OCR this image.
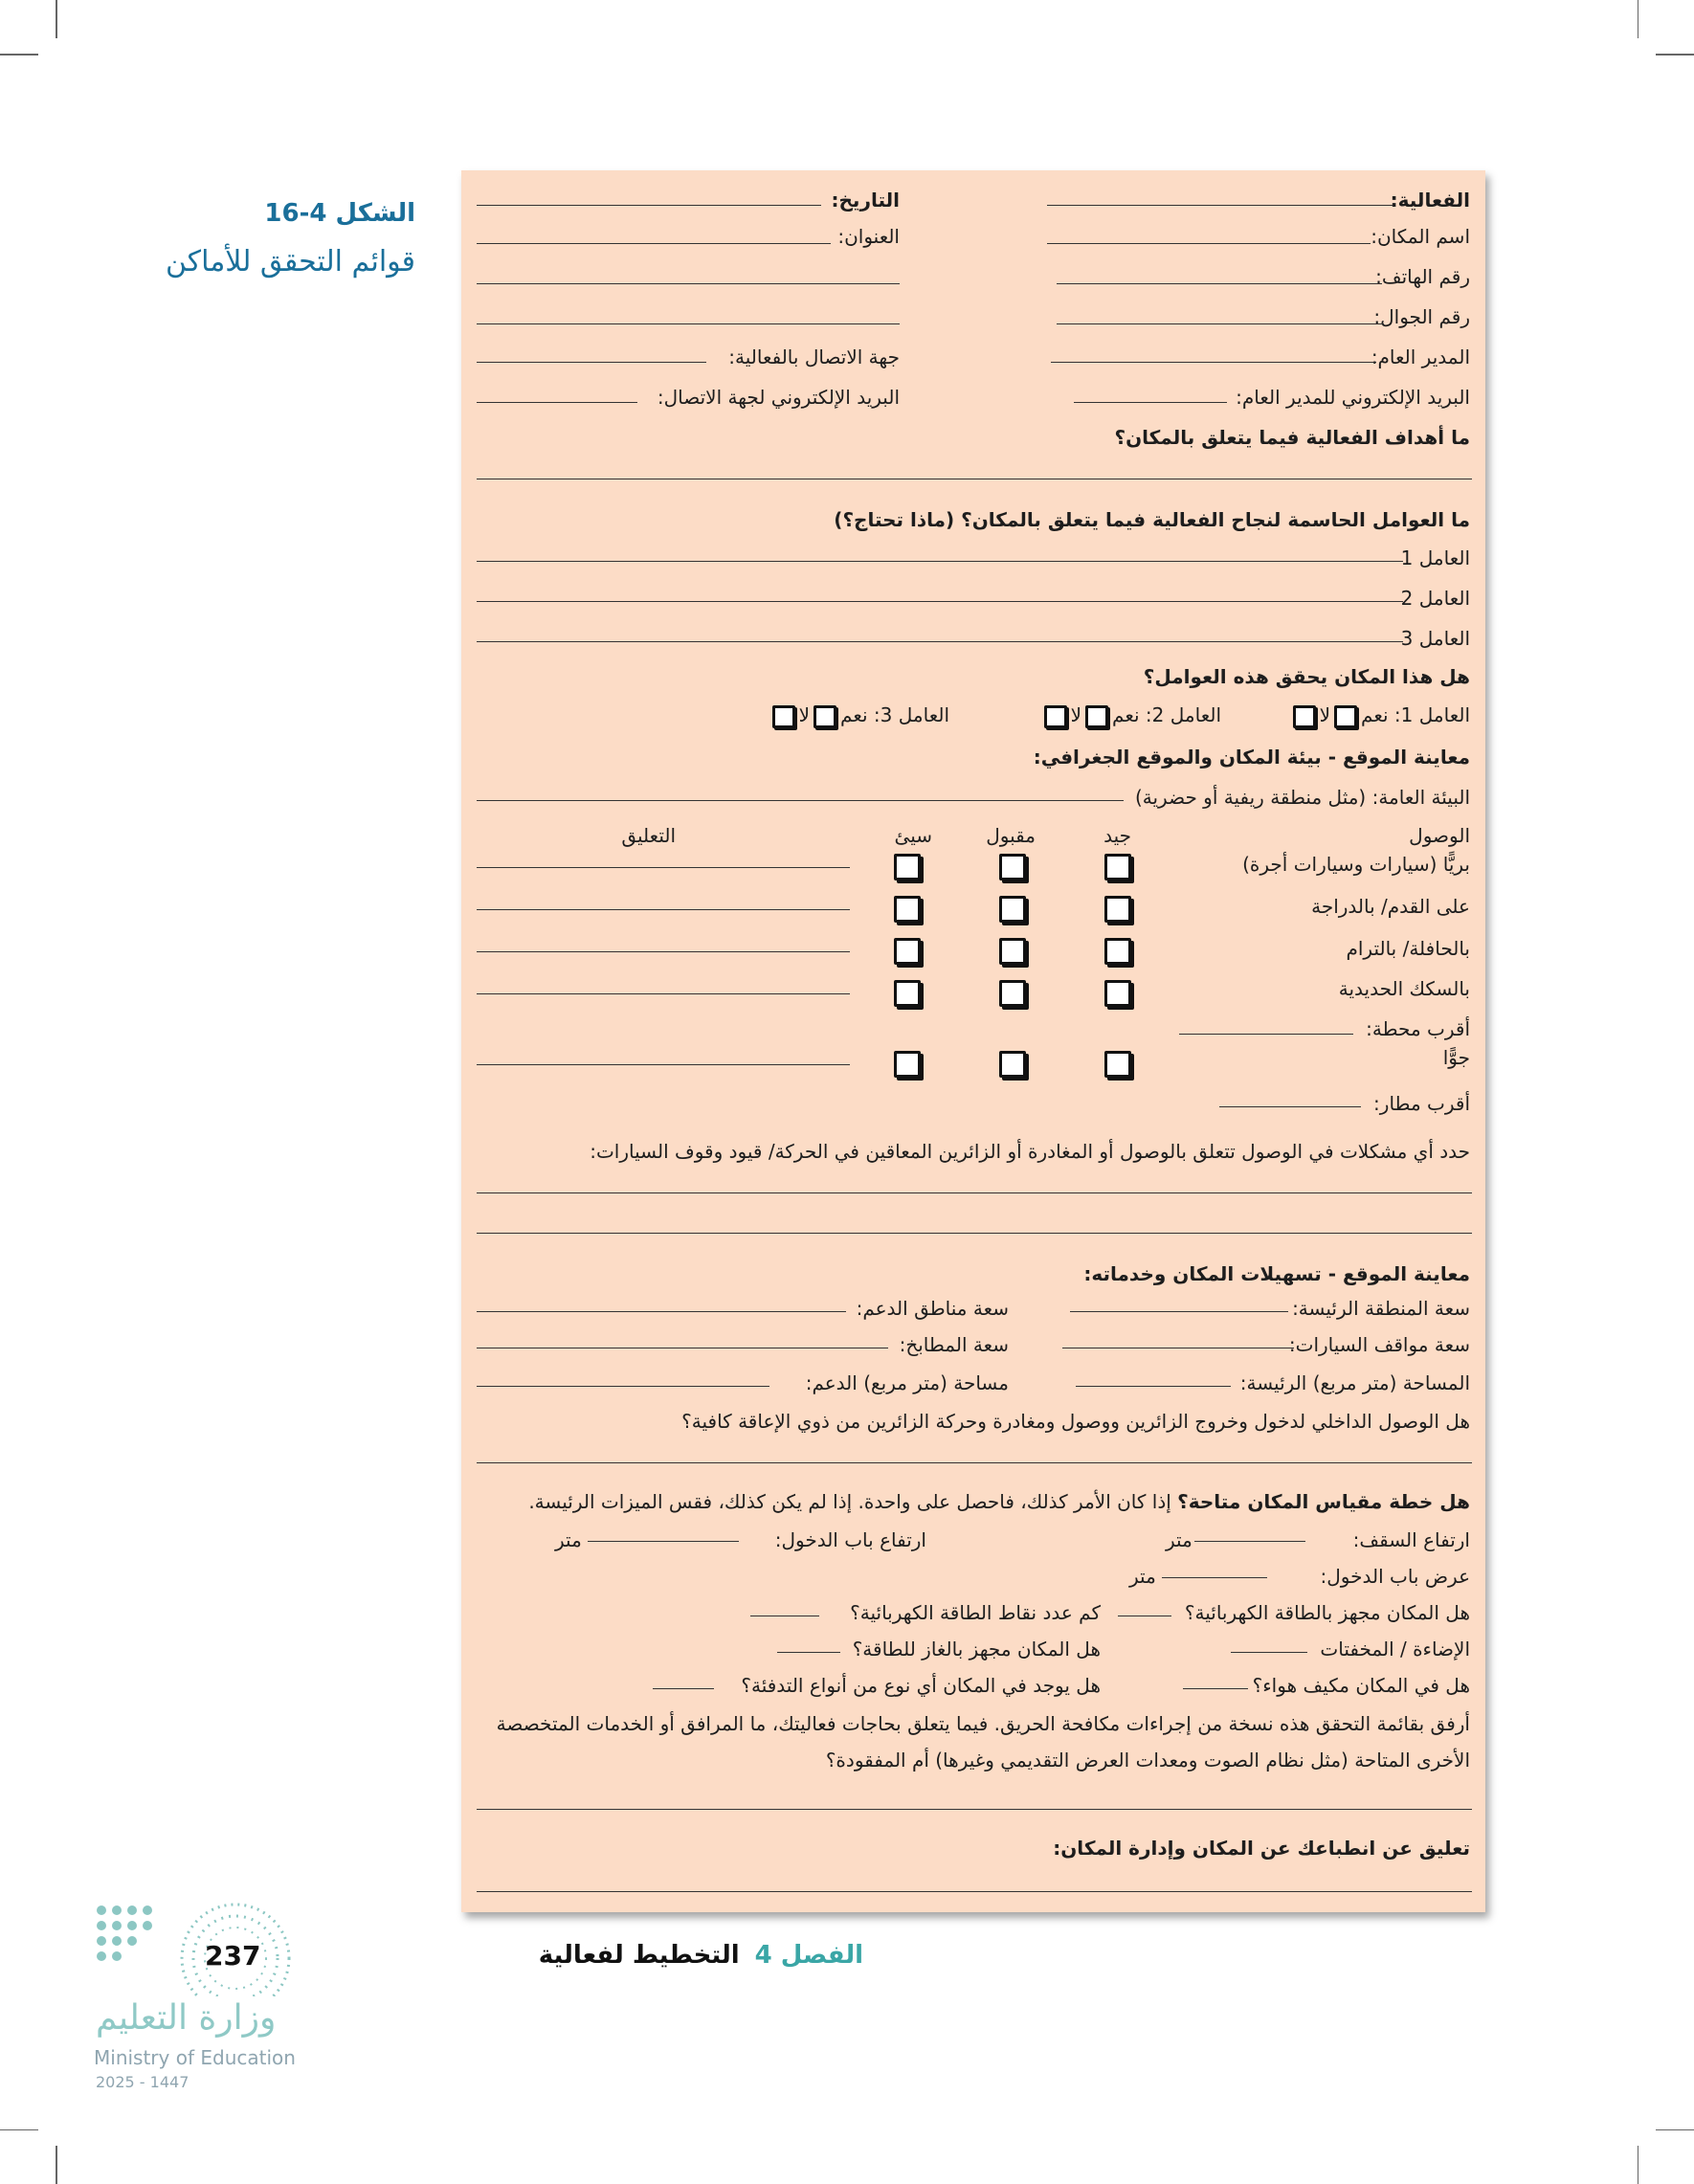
الشكل 4-16
قوائم التحقق للأماكن
الفعالية:
اسم المكان:
رقم الهاتف:
رقم الجوال:
المدير العام:
البريد الإلكتروني للمدير العام:
التاريخ:
العنوان:
جهة الاتصال بالفعالية:
البريد الإلكتروني لجهة الاتصال:
ما أهداف الفعالية فيما يتعلق بالمكان؟
ما العوامل الحاسمة لنجاح الفعالية فيما يتعلق بالمكان؟ (ماذا تحتاج؟)
العامل 1
العامل 2
العامل 3
هل هذا المكان يحقق هذه العوامل؟
العامل 1: نعملا
العامل 2: نعملا
العامل 3: نعملا
معاينة الموقع - بيئة المكان والموقع الجغرافي:
البيئة العامة: (مثل منطقة ريفية أو حضرية)
الوصول
جيد
مقبول
سيئ
التعليق
بريًّا (سيارات وسيارات أجرة)
على القدم/ بالدراجة
بالحافلة/ بالترام
بالسكك الحديدية
أقرب محطة:
جوًّا
أقرب مطار:
حدد أي مشكلات في الوصول تتعلق بالوصول أو المغادرة أو الزائرين المعاقين في الحركة/ قيود وقوف السيارات:
معاينة الموقع - تسهيلات المكان وخدماته:
سعة المنطقة الرئيسة:
سعة مواقف السيارات:
المساحة (متر مربع) الرئيسة:
سعة مناطق الدعم:
سعة المطابخ:
مساحة (متر مربع) الدعم:
هل الوصول الداخلي لدخول وخروج الزائرين ووصول ومغادرة وحركة الزائرين من ذوي الإعاقة كافية؟
هل خطة مقياس المكان متاحة؟ إذا كان الأمر كذلك، فاحصل على واحدة. إذا لم يكن كذلك، فقس الميزات الرئيسة.
ارتفاع السقف:
متر
ارتفاع باب الدخول:
متر
عرض باب الدخول:
متر
هل المكان مجهز بالطاقة الكهربائية؟
كم عدد نقاط الطاقة الكهربائية؟
الإضاءة / المخفتات
هل المكان مجهز بالغاز للطاقة؟
هل في المكان مكيف هواء؟
هل يوجد في المكان أي نوع من أنواع التدفئة؟
أرفق بقائمة التحقق هذه نسخة من إجراءات مكافحة الحريق. فيما يتعلق بحاجات فعاليتك، ما المرافق أو الخدمات المتخصصة
الأخرى المتاحة (مثل نظام الصوت ومعدات العرض التقديمي وغيرها) أم المفقودة؟
تعليق عن انطباعك عن المكان وإدارة المكان:
الفصل 4التخطيط لفعالية
237
وزارة التعليم
Ministry of Education
2025 - 1447
